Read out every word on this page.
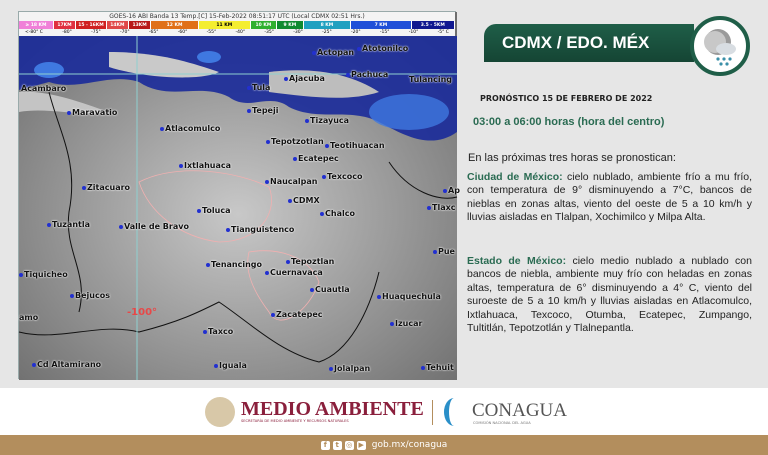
GOES-16 ABI Banda 13 Temp.[C] 15-Feb-2022 08:51:17 UTC (Local CDMX 02:51 Hrs.)
≥ 18 KM	17KM	15 - 16KM	14KM	13KM	12 KM	11 KM	10 KM	9 KM	8 KM	7 KM	3.5 - 5KM
<-80° C	-80°	-75°	-70°	-65°	-60°	-55°	-40°	-35°	-30°	-25°	-20°	-15°	-10°	-5° C
Actopan Atotonilco
Pachuca
Tulancing
Acambaro	Tula
Ajacuba
Maravatio	Tepeji
Tizayuca
Atlacomulco
Tepotzotlan Teotihuacan
Ecatepec
Ixtlahuaca
Texcoco
Naucalpan
Zitacuaro
CDMX
Toluca	Chalco
Ap
Tlaxc
Tuzantla	Valle de Bravo	Tianguistenco
Pue
Tenancingo	Tepoztlan
Cuernavaca
Tiquicheo
Bejucos
Cuautla
Huaquechula
Zacatepec
Izucar
Taxco
amo
Cd Altamirano	Iguala	Jolalpan	Tehuit
-100°
CDMX / EDO. MÉX
PRONÓSTICO 15 DE FEBRERO DE 2022
03:00 a 06:00 horas (hora del centro)
En las próximas tres horas se pronostican:
Ciudad de México: cielo nublado, ambiente frío a mu frío, con temperatura de 9° disminuyendo a 7°C, bancos de nieblas en zonas altas, viento del oeste de 5 a 10 km/h y lluvias aisladas en Tlalpan, Xochimilco y Milpa Alta.
Estado de México: cielo medio nublado a nublado con bancos de niebla, ambiente muy frío con heladas en zonas altas, temperatura de 6° disminuyendo a 4° C, viento del suroeste de 5 a 10 km/h y lluvias aisladas en Atlacomulco, Ixtlahuaca, Texcoco, Otumba, Ecatepec, Zumpango, Tultitlán, Tepotzotlán y Tlalnepantla.
MEDIO AMBIENTE
SECRETARÍA DE MEDIO AMBIENTE Y RECURSOS NATURALES	CONAGUA
COMISIÓN NACIONAL DEL AGUA
f	t	◎ ▶ gob.mx/conagua
